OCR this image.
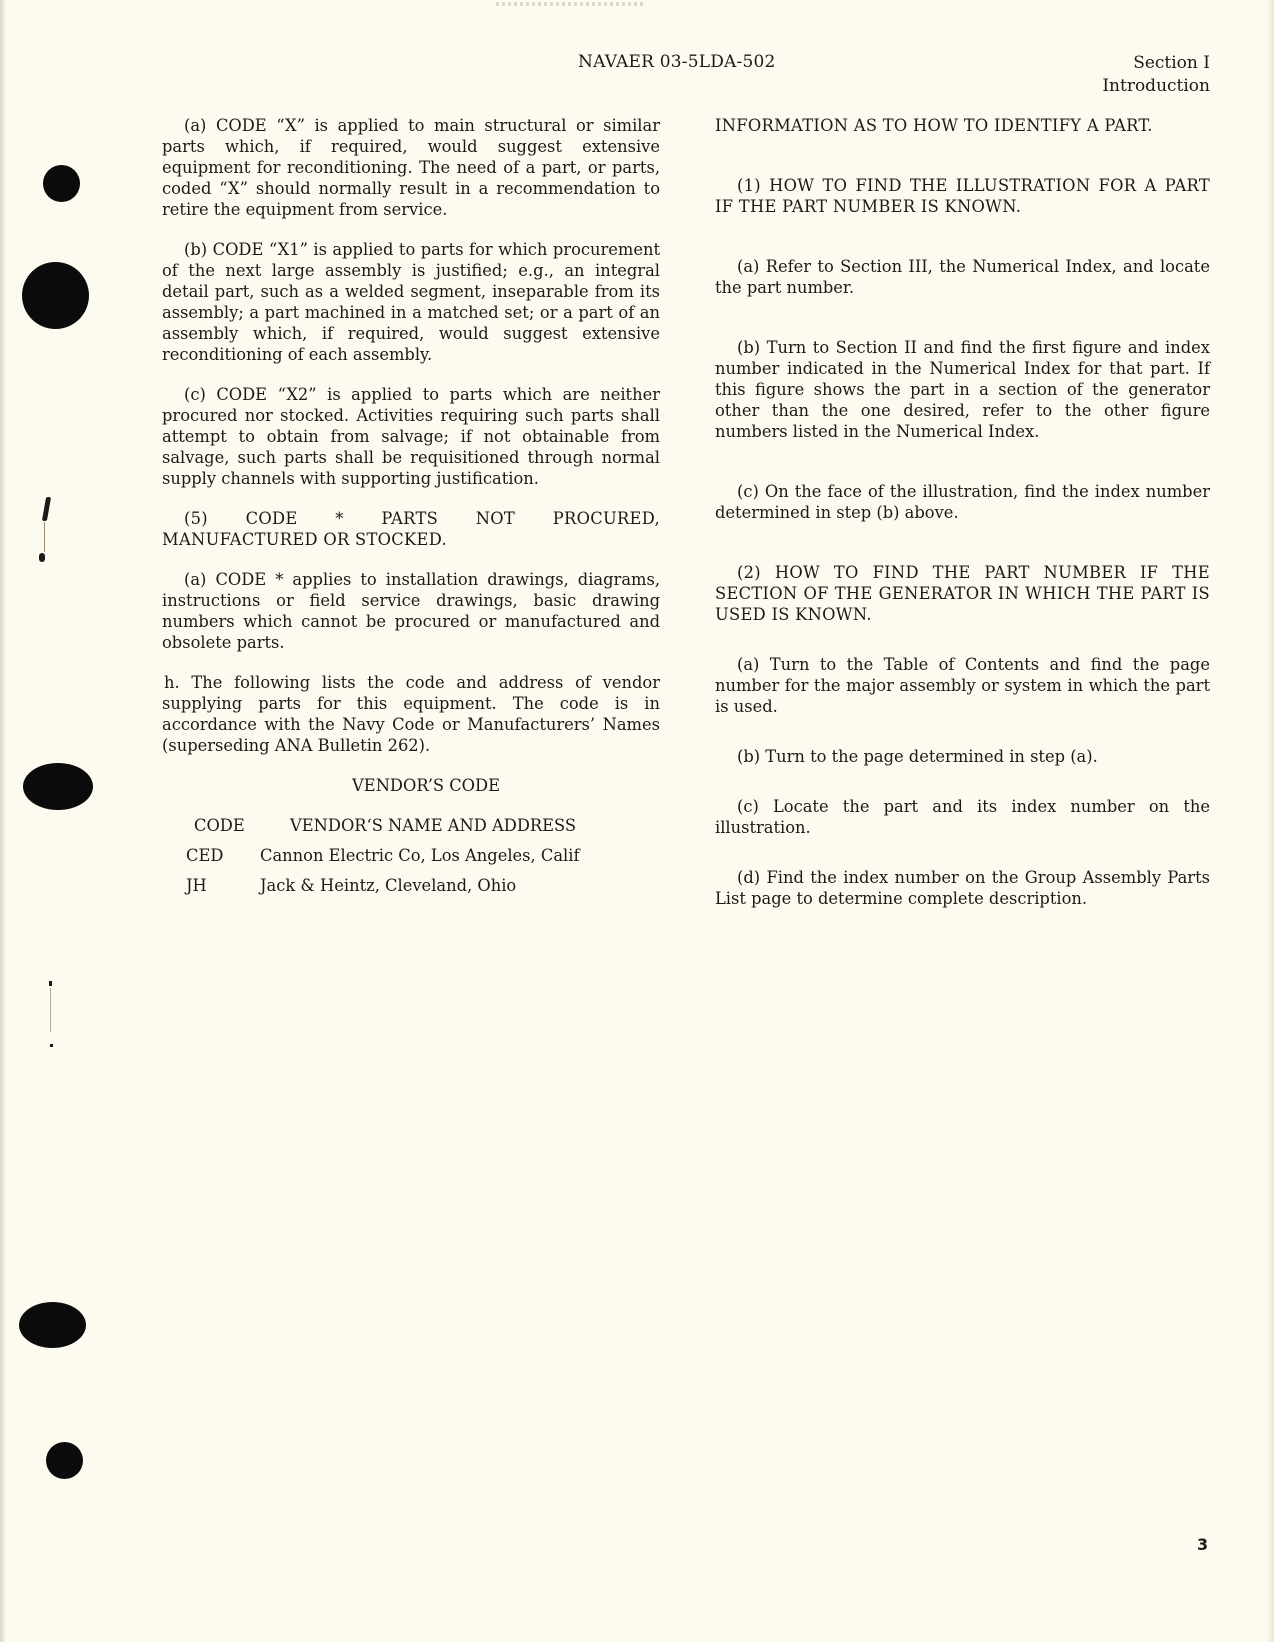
NAVAER 03-5LDA-502	Section I
Introduction

(a) CODE “X” is applied to main structural or similar parts which, if required, would suggest extensive equipment for reconditioning. The need of a part, or parts, coded “X” should normally result in a recommendation to retire the equipment from service.

(b) CODE “X1” is applied to parts for which procurement of the next large assembly is justified; e.g., an integral detail part, such as a welded segment, inseparable from its assembly; a part machined in a matched set; or a part of an assembly which, if required, would suggest extensive reconditioning of each assembly.

(c) CODE “X2” is applied to parts which are neither procured nor stocked. Activities requiring such parts shall attempt to obtain from salvage; if not obtainable from salvage, such parts shall be requisitioned through normal supply channels with supporting justification.

(5) CODE * PARTS NOT PROCURED, MANUFACTURED OR STOCKED.

(a) CODE * applies to installation drawings, diagrams, instructions or field service drawings, basic drawing numbers which cannot be procured or manufactured and obsolete parts.

h. The following lists the code and address of vendor supplying parts for this equipment. The code is in accordance with the Navy Code or Manufacturers’ Names (superseding ANA Bulletin 262).

VENDOR’S CODE

CODE	VENDOR‘S NAME AND ADDRESS
CED	Cannon Electric Co, Los Angeles, Calif
JH	Jack & Heintz, Cleveland, Ohio

INFORMATION AS TO HOW TO IDENTIFY A PART.

(1) HOW TO FIND THE ILLUSTRATION FOR A PART IF THE PART NUMBER IS KNOWN.

(a) Refer to Section III, the Numerical Index, and locate the part number.

(b) Turn to Section II and find the first figure and index number indicated in the Numerical Index for that part. If this figure shows the part in a section of the generator other than the one desired, refer to the other figure numbers listed in the Numerical Index.

(c) On the face of the illustration, find the index number determined in step (b) above.

(2) HOW TO FIND THE PART NUMBER IF THE SECTION OF THE GENERATOR IN WHICH THE PART IS USED IS KNOWN.

(a) Turn to the Table of Contents and find the page number for the major assembly or system in which the part is used.

(b) Turn to the page determined in step (a).

(c) Locate the part and its index number on the illustration.

(d) Find the index number on the Group Assembly Parts List page to determine complete description.

3
